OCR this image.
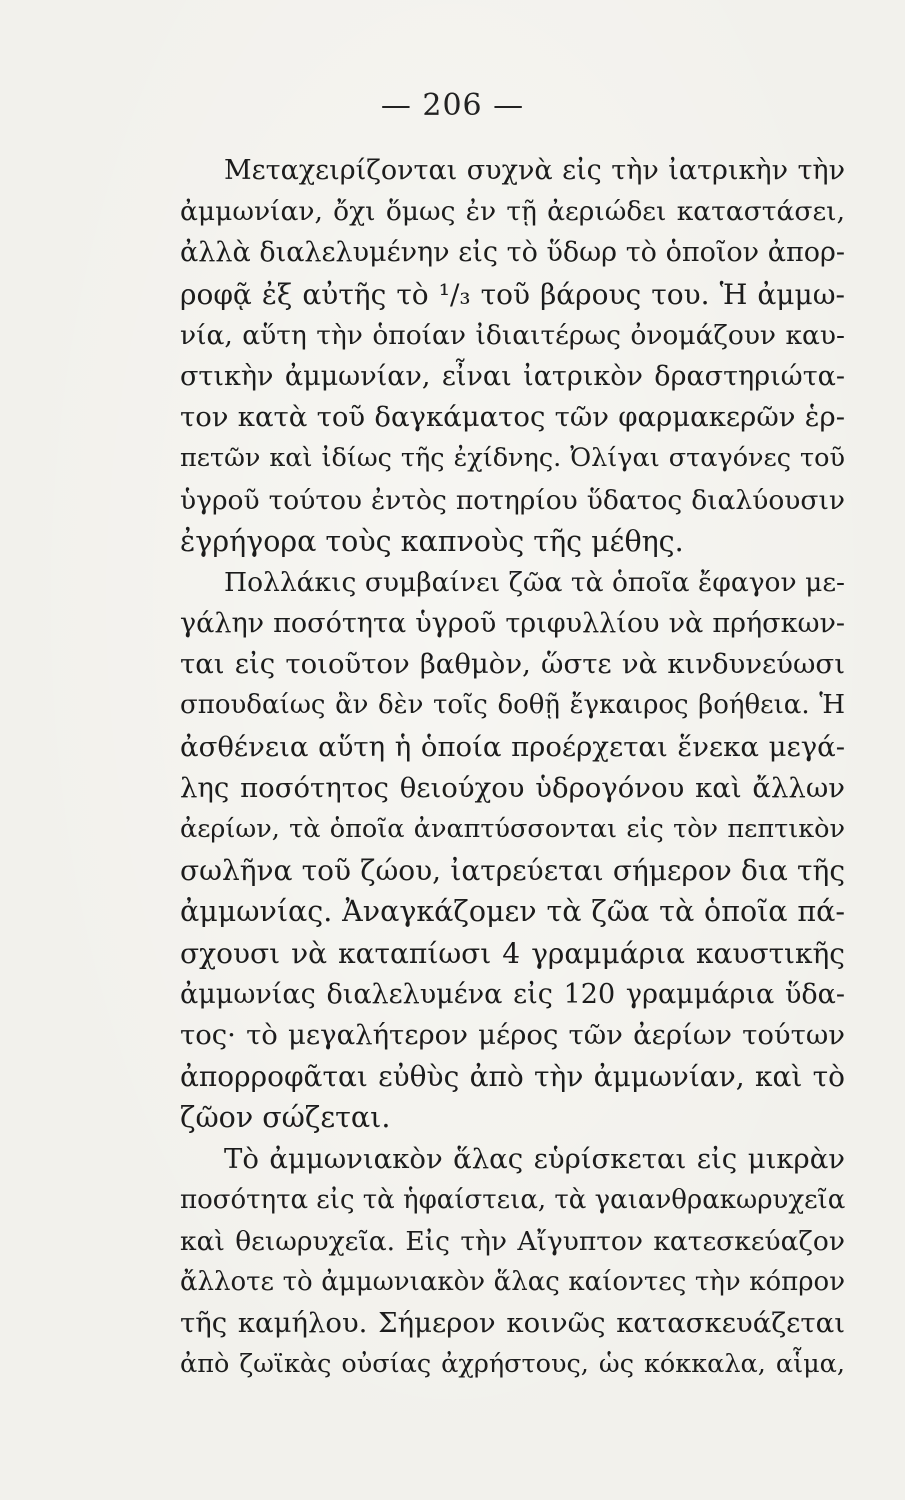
— 206 —
Μεταχειρίζονται συχνὰ εἰς τὴν ἰατρικὴν τὴν
ἀμμωνίαν, ὄχι ὅμως ἐν τῇ ἀεριώδει καταστάσει,
ἀλλὰ διαλελυμένην εἰς τὸ ὕδωρ τὸ ὁποῖον ἀπορ-
ροφᾷ ἐξ αὐτῆς τὸ ¹/₃ τοῦ βάρους του. Ἡ ἀμμω-
νία, αὕτη τὴν ὁποίαν ἰδιαιτέρως ὀνομάζουν καυ-
στικὴν ἀμμωνίαν, εἶναι ἰατρικὸν δραστηριώτα-
τον κατὰ τοῦ δαγκάματος τῶν φαρμακερῶν ἑρ-
πετῶν καὶ ἰδίως τῆς ἐχίδνης. Ὀλίγαι σταγόνες τοῦ
ὑγροῦ τούτου ἐντὸς ποτηρίου ὕδατος διαλύουσιν
ἐγρήγορα τοὺς καπνοὺς τῆς μέθης.
Πολλάκις συμβαίνει ζῶα τὰ ὁποῖα ἔφαγον με-
γάλην ποσότητα ὑγροῦ τριφυλλίου νὰ πρήσκων-
ται εἰς τοιοῦτον βαθμὸν, ὥστε νὰ κινδυνεύωσι
σπουδαίως ἂν δὲν τοῖς δοθῇ ἔγκαιρος βοήθεια. Ἡ
ἀσθένεια αὕτη ἡ ὁποία προέρχεται ἕνεκα μεγά-
λης ποσότητος θειούχου ὑδρογόνου καὶ ἄλλων
ἀερίων, τὰ ὁποῖα ἀναπτύσσονται εἰς τὸν πεπτικὸν
σωλῆνα τοῦ ζώου, ἰατρεύεται σήμερον δια τῆς
ἀμμωνίας. Ἀναγκάζομεν τὰ ζῶα τὰ ὁποῖα πά-
σχουσι νὰ καταπίωσι 4 γραμμάρια καυστικῆς
ἀμμωνίας διαλελυμένα εἰς 120 γραμμάρια ὕδα-
τος· τὸ μεγαλήτερον μέρος τῶν ἀερίων τούτων
ἀπορροφᾶται εὐθὺς ἀπὸ τὴν ἀμμωνίαν, καὶ τὸ
ζῶον σώζεται.
Τὸ ἀμμωνιακὸν ἅλας εὑρίσκεται εἰς μικρὰν
ποσότητα εἰς τὰ ἡφαίστεια, τὰ γαιανθρακωρυχεῖα
καὶ θειωρυχεῖα. Εἰς τὴν Αἴγυπτον κατεσκεύαζον
ἄλλοτε τὸ ἀμμωνιακὸν ἅλας καίοντες τὴν κόπρον
τῆς καμήλου. Σήμερον κοινῶς κατασκευάζεται
ἀπὸ ζωϊκὰς οὐσίας ἀχρήστους, ὡς κόκκαλα, αἷμα,
